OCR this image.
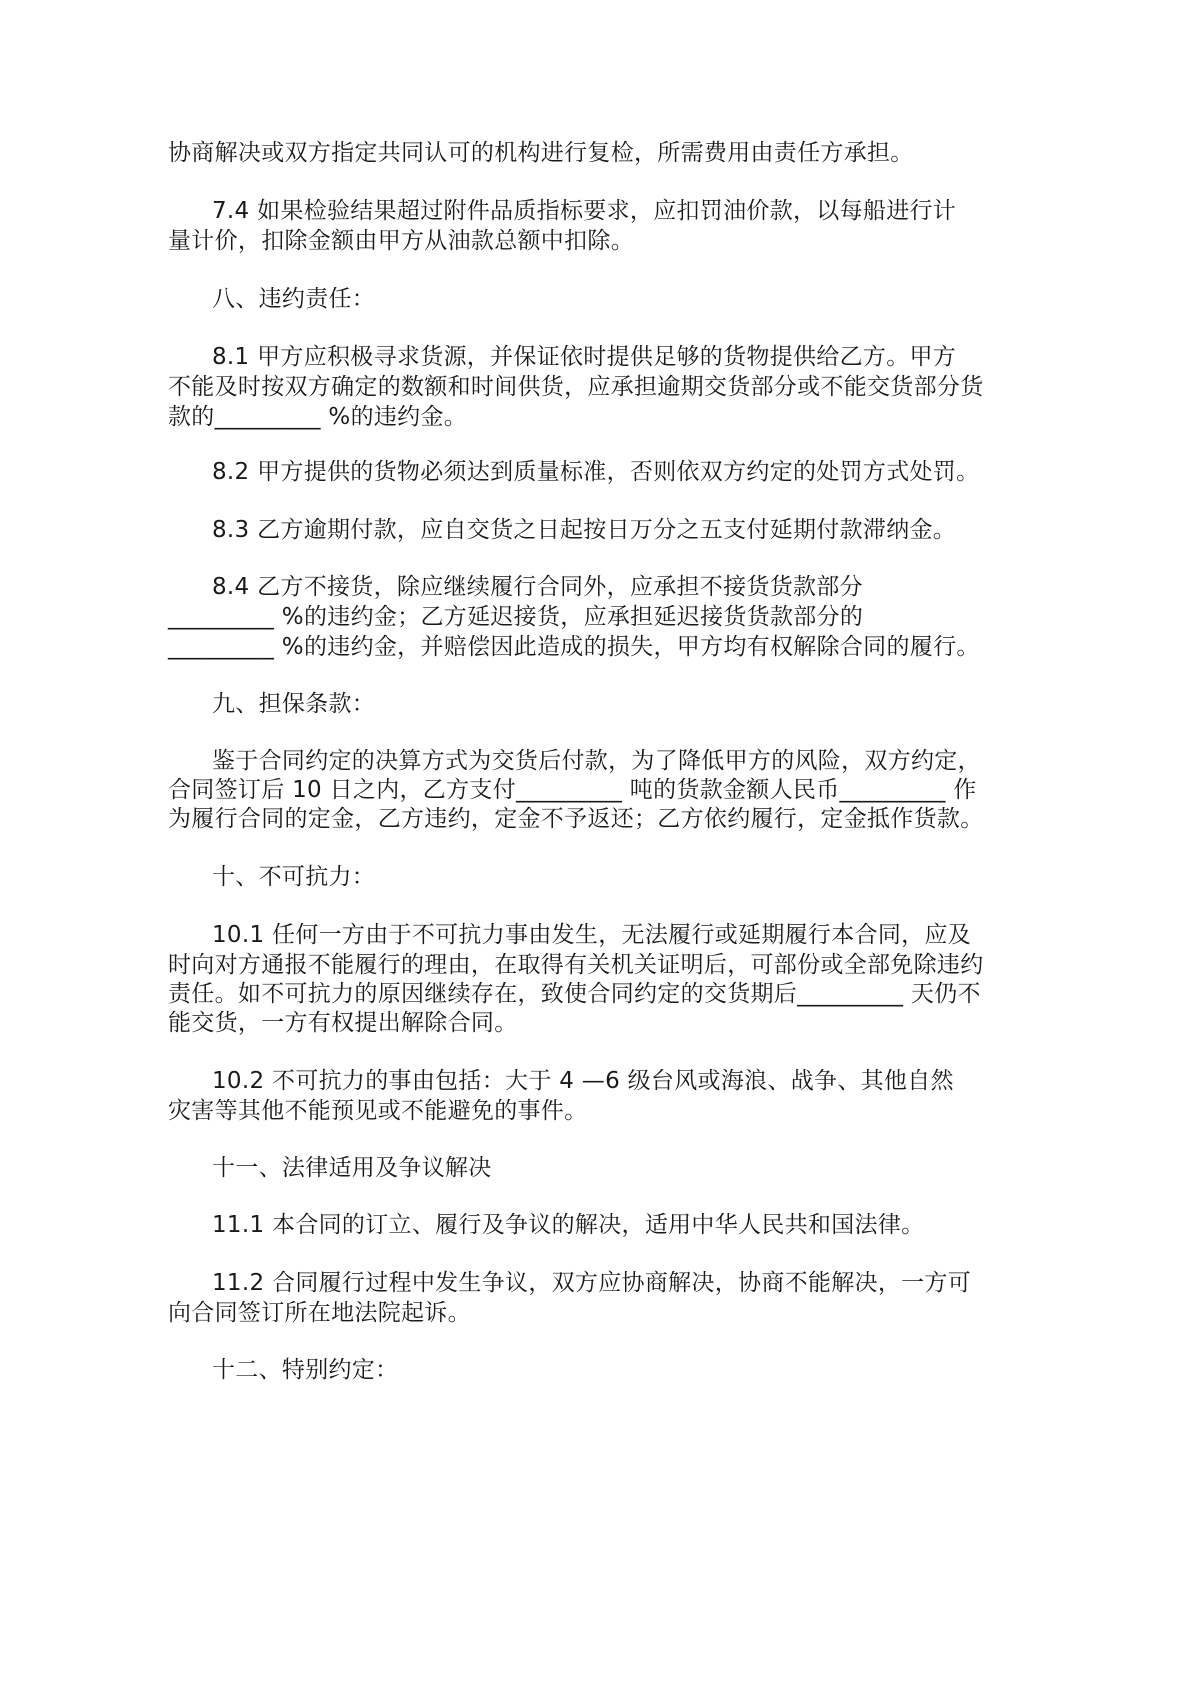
协商解决或双方指定共同认可的机构进行复检，所需费用由责任方承担。

7.4 如果检验结果超过附件品质指标要求，应扣罚油价款，以每船进行计

量计价，扣除金额由甲方从油款总额中扣除。

八、违约责任：

8.1 甲方应积极寻求货源，并保证依时提供足够的货物提供给乙方。甲方

不能及时按双方确定的数额和时间供货，应承担逾期交货部分或不能交货部分货

款的_________ %的违约金。

8.2 甲方提供的货物必须达到质量标准，否则依双方约定的处罚方式处罚。

8.3 乙方逾期付款，应自交货之日起按日万分之五支付延期付款滞纳金。

8.4 乙方不接货，除应继续履行合同外，应承担不接货货款部分

_________ %的违约金；乙方延迟接货，应承担延迟接货货款部分的

_________ %的违约金，并赔偿因此造成的损失，甲方均有权解除合同的履行。

九、担保条款：

鉴于合同约定的决算方式为交货后付款，为了降低甲方的风险，双方约定，

合同签订后 10 日之内，乙方支付_________ 吨的货款金额人民币_________ 作

为履行合同的定金，乙方违约，定金不予返还；乙方依约履行，定金抵作货款。

十、不可抗力：

10.1 任何一方由于不可抗力事由发生，无法履行或延期履行本合同，应及

时向对方通报不能履行的理由，在取得有关机关证明后，可部份或全部免除违约

责任。如不可抗力的原因继续存在，致使合同约定的交货期后_________ 天仍不

能交货，一方有权提出解除合同。

10.2 不可抗力的事由包括：大于 4 —6 级台风或海浪、战争、其他自然

灾害等其他不能预见或不能避免的事件。

十一、法律适用及争议解决

11.1 本合同的订立、履行及争议的解决，适用中华人民共和国法律。

11.2 合同履行过程中发生争议，双方应协商解决，协商不能解决，一方可

向合同签订所在地法院起诉。

十二、特别约定：
